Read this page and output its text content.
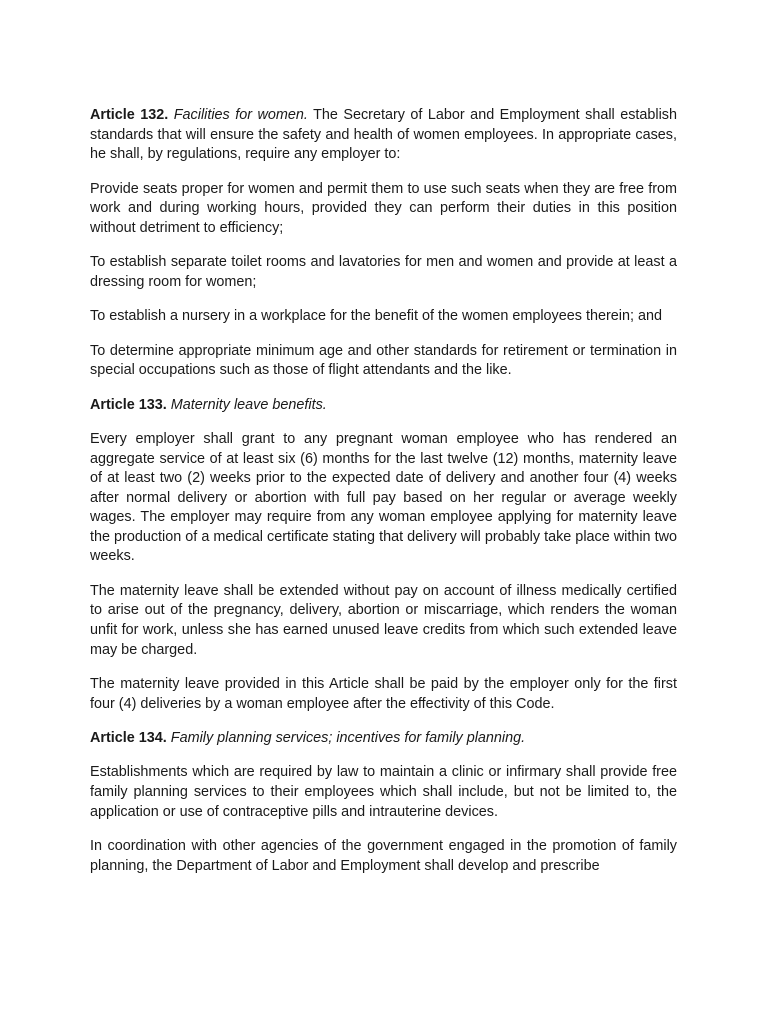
Article 132. Facilities for women. The Secretary of Labor and Employment shall establish standards that will ensure the safety and health of women employees. In appropriate cases, he shall, by regulations, require any employer to:

Provide seats proper for women and permit them to use such seats when they are free from work and during working hours, provided they can perform their duties in this position without detriment to efficiency;

To establish separate toilet rooms and lavatories for men and women and provide at least a dressing room for women;

To establish a nursery in a workplace for the benefit of the women employees therein; and

To determine appropriate minimum age and other standards for retirement or termination in special occupations such as those of flight attendants and the like.

Article 133. Maternity leave benefits.

Every employer shall grant to any pregnant woman employee who has rendered an aggregate service of at least six (6) months for the last twelve (12) months, maternity leave of at least two (2) weeks prior to the expected date of delivery and another four (4) weeks after normal delivery or abortion with full pay based on her regular or average weekly wages. The employer may require from any woman employee applying for maternity leave the production of a medical certificate stating that delivery will probably take place within two weeks.

The maternity leave shall be extended without pay on account of illness medically certified to arise out of the pregnancy, delivery, abortion or miscarriage, which renders the woman unfit for work, unless she has earned unused leave credits from which such extended leave may be charged.

The maternity leave provided in this Article shall be paid by the employer only for the first four (4) deliveries by a woman employee after the effectivity of this Code.

Article 134. Family planning services; incentives for family planning.

Establishments which are required by law to maintain a clinic or infirmary shall provide free family planning services to their employees which shall include, but not be limited to, the application or use of contraceptive pills and intrauterine devices.

In coordination with other agencies of the government engaged in the promotion of family planning, the Department of Labor and Employment shall develop and prescribe
